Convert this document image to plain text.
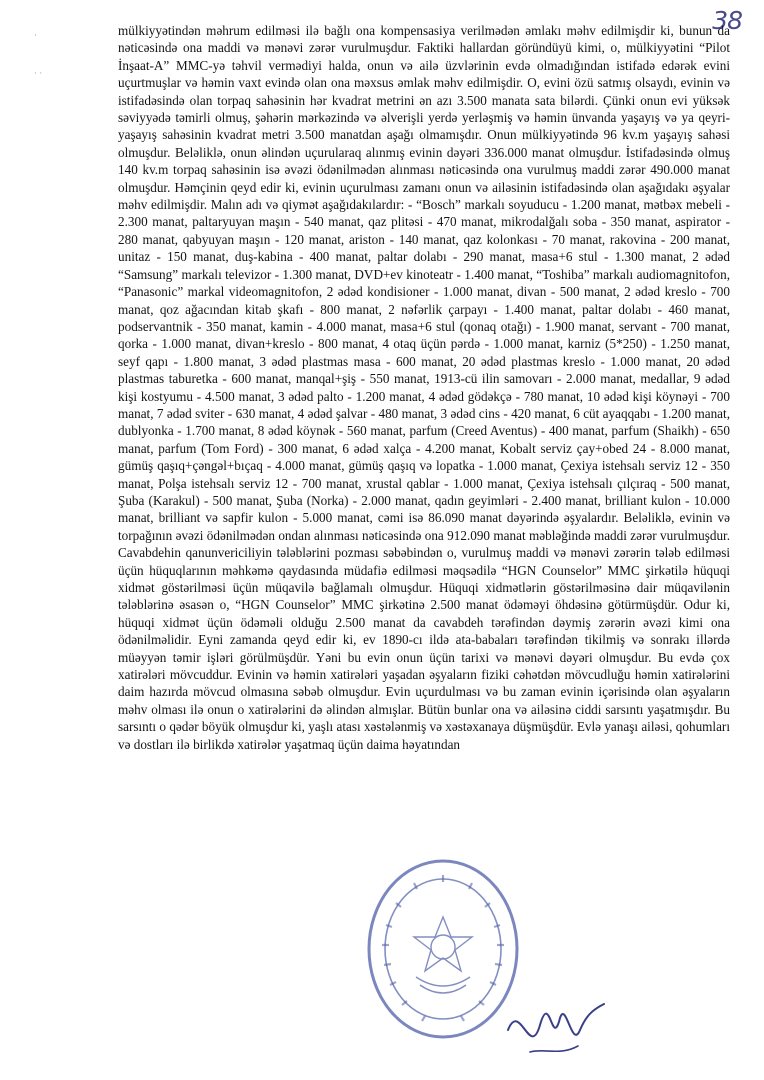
38
·
· ·

mülkiyyətindən məhrum edilməsi ilə bağlı ona kompensasiya verilmədən əmlakı məhv edilmişdir ki, bunun da nəticəsində ona maddi və mənəvi zərər vurulmuşdur. Faktiki hallardan göründüyü kimi, o, mülkiyyətini “Pilot İnşaat-A” MMC-yə təhvil vermədiyi halda, onun və ailə üzvlərinin evdə olmadığından istifadə edərək evini uçurtmuşlar və həmin vaxt evində olan ona məxsus əmlak məhv edilmişdir. O, evini özü satmış olsaydı, evinin və istifadəsində olan torpaq sahəsinin hər kvadrat metrini ən azı 3.500 manata sata bilərdi. Çünki onun evi yüksək səviyyədə təmirli olmuş, şəhərin mərkəzində və əlverişli yerdə yerləşmiş və həmin ünvanda yaşayış və ya qeyri-yaşayış sahəsinin kvadrat metri 3.500 manatdan aşağı olmamışdır. Onun mülkiyyətində 96 kv.m yaşayış sahəsi olmuşdur. Beləliklə, onun əlindən uçurularaq alınmış evinin dəyəri 336.000 manat olmuşdur. İstifadəsində olmuş 140 kv.m torpaq sahəsinin isə əvəzi ödənilmədən alınması nəticəsində ona vurulmuş maddi zərər 490.000 manat olmuşdur. Həmçinin qeyd edir ki, evinin uçurulması zamanı onun və ailəsinin istifadəsində olan aşağıdakı əşyalar məhv edilmişdir. Malın adı və qiymət aşağıdakılardır: - “Bosch” markalı soyuducu - 1.200 manat, mətbəx mebeli - 2.300 manat, paltaryuyan maşın - 540 manat, qaz plitəsi - 470 manat, mikrodalğalı soba - 350 manat, aspirator - 280 manat, qabyuyan maşın - 120 manat, ariston - 140 manat, qaz kolonkası - 70 manat, rakovina - 200 manat, unitaz - 150 manat, duş-kabina - 400 manat, paltar dolabı - 290 manat, masa+6 stul - 1.300 manat, 2 ədəd “Samsung” markalı televizor - 1.300 manat, DVD+ev kinoteatr - 1.400 manat, “Toshiba” markalı audiomagnitofon, “Panasonic” markal videomagnitofon, 2 ədəd kondisioner - 1.000 manat, divan - 500 manat, 2 ədəd kreslo - 700 manat, qoz ağacından kitab şkafı - 800 manat, 2 nəfərlik çarpayı - 1.400 manat, paltar dolabı - 460 manat, podservantnik - 350 manat, kamin - 4.000 manat, masa+6 stul (qonaq otağı) - 1.900 manat, servant - 700 manat, qorka - 1.000 manat, divan+kreslo - 800 manat, 4 otaq üçün pərdə - 1.000 manat, karniz (5*250) - 1.250 manat, seyf qapı - 1.800 manat, 3 ədəd plastmas masa - 600 manat, 20 ədəd plastmas kreslo - 1.000 manat, 20 ədəd plastmas taburetka - 600 manat, manqal+şiş - 550 manat, 1913-cü ilin samovarı - 2.000 manat, medallar, 9 ədəd kişi kostyumu - 4.500 manat, 3 ədəd palto - 1.200 manat, 4 ədəd gödəkçə - 780 manat, 10 ədəd kişi köynəyi - 700 manat, 7 ədəd sviter - 630 manat, 4 ədəd şalvar - 480 manat, 3 ədəd cins - 420 manat, 6 cüt ayaqqabı - 1.200 manat, dublyonka - 1.700 manat, 8 ədəd köynək - 560 manat, parfum (Creed Aventus) - 400 manat, parfum (Shaikh) - 650 manat, parfum (Tom Ford) - 300 manat, 6 ədəd xalça - 4.200 manat, Kobalt serviz çay+obed 24 - 8.000 manat, gümüş qaşıq+çəngəl+bıçaq - 4.000 manat, gümüş qaşıq və lopatka - 1.000 manat, Çexiya istehsalı serviz 12 - 350 manat, Polşa istehsalı serviz 12 - 700 manat, xrustal qablar - 1.000 manat, Çexiya istehsalı çılçıraq - 500 manat, Şuba (Karakul) - 500 manat, Şuba (Norka) - 2.000 manat, qadın geyimləri - 2.400 manat, brilliant kulon - 10.000 manat, brilliant və sapfir kulon - 5.000 manat, cəmi isə 86.090 manat dəyərində əşyalardır. Beləliklə, evinin və torpağının əvəzi ödənilmədən ondan alınması nəticəsində ona 912.090 manat məbləğində maddi zərər vurulmuşdur. Cavabdehin qanunvericiliyin tələblərini pozması səbəbindən o, vurulmuş maddi və mənəvi zərərin tələb edilməsi üçün hüquqlarının məhkəmə qaydasında müdafiə edilməsi məqsədilə “HGN Counselor” MMC şirkətilə hüquqi xidmət göstərilməsi üçün müqavilə bağlamalı olmuşdur. Hüquqi xidmətlərin göstərilməsinə dair müqavilənin tələblərinə əsasən o, “HGN Counselor” MMC şirkətinə 2.500 manat ödəməyi öhdəsinə götürmüşdür. Odur ki, hüquqi xidmət üçün ödəməli olduğu 2.500 manat da cavabdeh tərəfindən dəymiş zərərin əvəzi kimi ona ödənilməlidir. Eyni zamanda qeyd edir ki, ev 1890-cı ildə ata-babaları tərəfindən tikilmiş və sonrakı illərdə müəyyən təmir işləri görülmüşdür. Yəni bu evin onun üçün tarixi və mənəvi dəyəri olmuşdur. Bu evdə çox xatirələri mövcuddur. Evinin və həmin xatirələri yaşadan əşyaların fiziki cəhətdən mövcudluğu həmin xatirələrini daim hazırda mövcud olmasına səbəb olmuşdur. Evin uçurdulması və bu zaman evinin içərisində olan əşyaların məhv olması ilə onun o xatirələrini də əlindən almışlar. Bütün bunlar ona və ailəsinə ciddi sarsıntı yaşatmışdır. Bu sarsıntı o qədər böyük olmuşdur ki, yaşlı atası xəstələnmiş və xəstəxanaya düşmüşdür. Evlə yanaşı ailəsi, qohumları və dostları ilə birlikdə xatirələr yaşatmaq üçün daima həyatından
